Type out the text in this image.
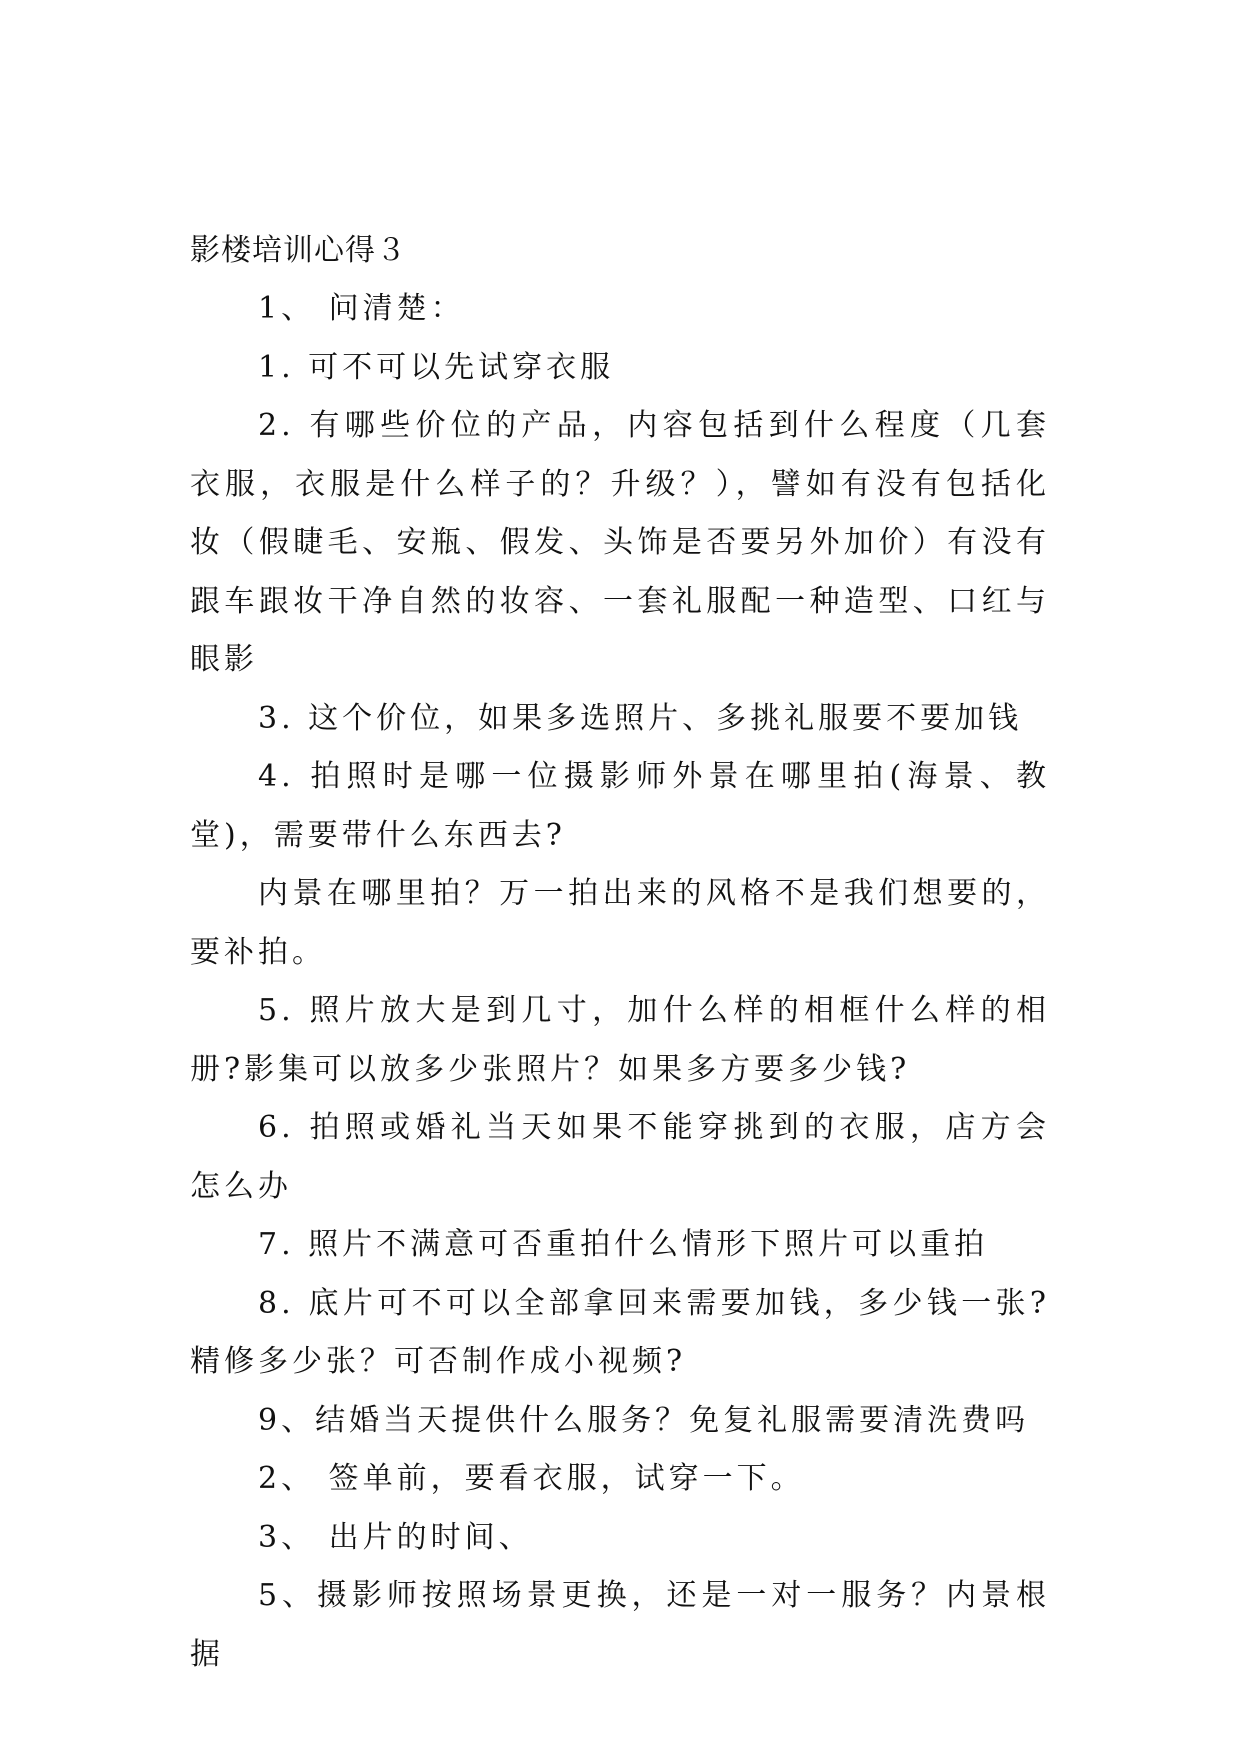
影楼培训心得３

1、 问清楚：

1. 可不可以先试穿衣服

2. 有哪些价位的产品，内容包括到什么程度（几套衣服，衣服是什么样子的？升级？），譬如有没有包括化妆（假睫毛、安瓶、假发、头饰是否要另外加价）有没有跟车跟妆干净自然的妆容、一套礼服配一种造型、口红与眼影

3. 这个价位，如果多选照片、多挑礼服要不要加钱

4. 拍照时是哪一位摄影师外景在哪里拍(海景、教堂)，需要带什么东西去?

内景在哪里拍？万一拍出来的风格不是我们想要的，要补拍。

5. 照片放大是到几寸，加什么样的相框什么样的相册?影集可以放多少张照片？如果多方要多少钱?

6. 拍照或婚礼当天如果不能穿挑到的衣服，店方会怎么办

7. 照片不满意可否重拍什么情形下照片可以重拍

8. 底片可不可以全部拿回来需要加钱，多少钱一张?精修多少张？可否制作成小视频?

9、结婚当天提供什么服务？免复礼服需要清洗费吗

2、 签单前，要看衣服，试穿一下。

3、 出片的时间、

5、摄影师按照场景更换，还是一对一服务？内景根据
